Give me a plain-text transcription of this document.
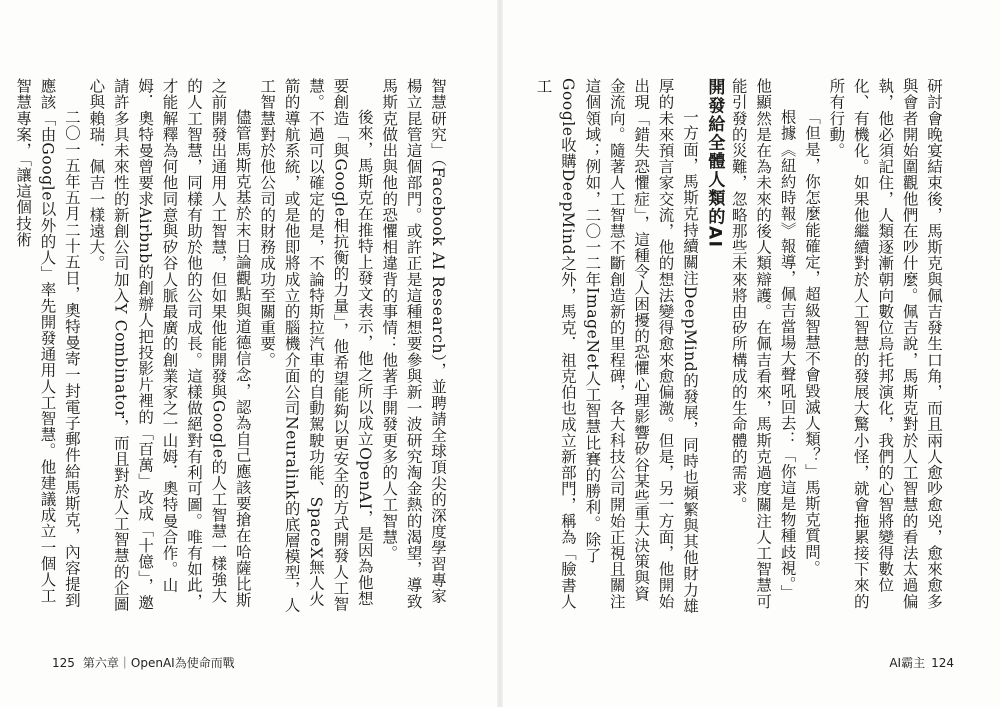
研討會晚宴結束後，馬斯克與佩吉發生口角，而且兩人愈吵愈兇，愈來愈多與會者開始圍觀他們在吵什麼。佩吉說，馬斯克對於人工智慧的看法太過偏執，他必須記住，人類逐漸朝向數位烏托邦演化，我們的心智將變得數位化、有機化。如果他繼續對於人工智慧的發展大驚小怪，就會拖累接下來的所有行動。

「但是，你怎麼能確定，超級智慧不會毀滅人類？」馬斯克質問。

根據《紐約時報》報導，佩吉當場大聲吼回去：「你這是物種歧視。」他顯然是在為未來的後人類辯護。在佩吉看來，馬斯克過度關注人工智慧可能引發的災難，忽略那些未來將由矽所構成的生命體的需求。

開發給全體人類的AI

一方面，馬斯克持續關注DeepMind的發展，同時也頻繁與其他財力雄厚的未來預言家交流，他的想法變得愈來愈偏激。但是，另一方面，他開始出現「錯失恐懼症」，這種令人困擾的恐懼心理影響矽谷某些重大決策與資金流向。隨著人工智慧不斷創造新的里程碑，各大科技公司開始正視且關注這個領域；例如，二〇一二年ImageNet人工智慧比賽的勝利。除了Google收購DeepMind之外，馬克．祖克伯也成立新部門，稱為「臉書人工

智慧研究」（Facebook AI Research），並聘請全球頂尖的深度學習專家楊立昆管這個部門。或許正是這種想要參與新一波研究淘金熱的渴望，導致馬斯克做出與他的恐懼相違背的事情：他著手開發更多的人工智慧。

後來，馬斯克在推特上發文表示，他之所以成立OpenAI，是因為他想要創造「與Google相抗衡的力量」，他希望能夠以更安全的方式開發人工智慧。不過可以確定的是，不論特斯拉汽車的自動駕駛功能、SpaceX無人火箭的導航系統，或是他即將成立的腦機介面公司Neuralink的底層模型，人工智慧對於他公司的財務成功至關重要。

儘管馬斯克基於末日論觀點與道德信念，認為自己應該要搶在哈薩比斯之前開發出通用人工智慧，但如果他能開發與Google的人工智慧一樣強大的人工智慧，同樣有助於他的公司成長。這樣做絕對有利可圖。唯有如此，才能解釋為何他同意與矽谷人脈最廣的創業家之一山姆．奧特曼合作。山姆．奧特曼曾要求Airbnb的創辦人把投影片裡的「百萬」改成「十億」，邀請許多具未來性的新創公司加入Y Combinator，而且對於人工智慧的企圖心與賴瑞．佩吉一樣遠大。

二〇一五年五月二十五日，奧特曼寄一封電子郵件給馬斯克，內容提到應該「由Google以外的人」率先開發通用人工智慧。他建議成立一個人工智慧專案，「讓這個技術

125 第六章｜OpenAI為使命而戰	AI霸主 124
